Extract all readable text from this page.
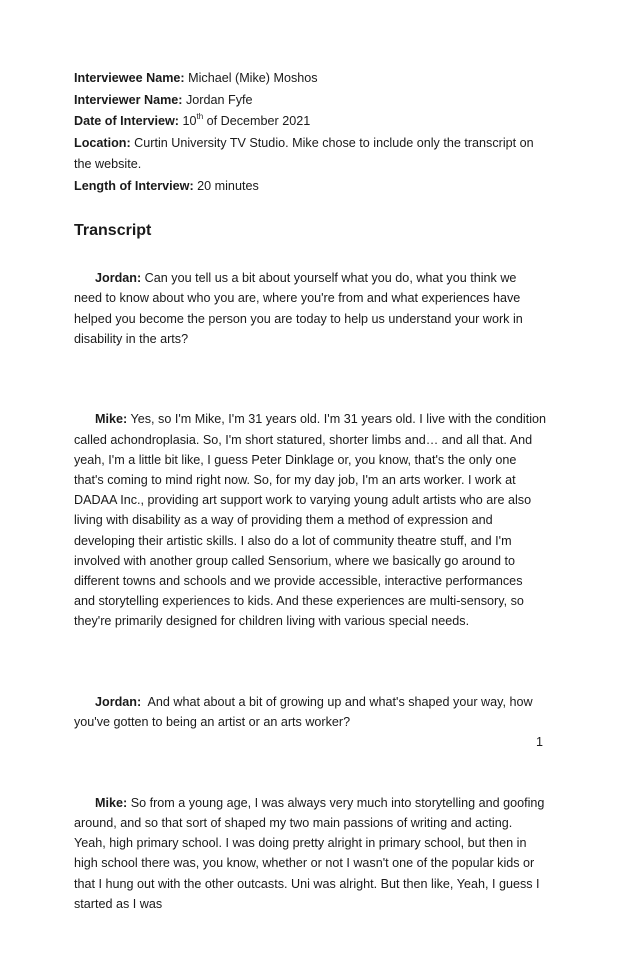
Interviewee Name: Michael (Mike) Moshos

Interviewer Name: Jordan Fyfe

Date of Interview: 10th of December 2021

Location: Curtin University TV Studio. Mike chose to include only the transcript on the website.

Length of Interview: 20 minutes

Transcript

Jordan: Can you tell us a bit about yourself what you do, what you think we need to know about who you are, where you're from and what experiences have helped you become the person you are today to help us understand your work in disability in the arts?

Mike: Yes, so I'm Mike, I'm 31 years old. I'm 31 years old. I live with the condition called achondroplasia. So, I'm short statured, shorter limbs and… and all that. And yeah, I'm a little bit like, I guess Peter Dinklage or, you know, that's the only one that's coming to mind right now. So, for my day job, I'm an arts worker. I work at DADAA Inc., providing art support work to varying young adult artists who are also living with disability as a way of providing them a method of expression and developing their artistic skills. I also do a lot of community theatre stuff, and I'm involved with another group called Sensorium, where we basically go around to different towns and schools and we provide accessible, interactive performances and storytelling experiences to kids. And these experiences are multi-sensory, so they're primarily designed for children living with various special needs.

Jordan:  And what about a bit of growing up and what's shaped your way, how you've gotten to being an artist or an arts worker?

Mike: So from a young age, I was always very much into storytelling and goofing around, and so that sort of shaped my two main passions of writing and acting. Yeah, high primary school. I was doing pretty alright in primary school, but then in high school there was, you know, whether or not I wasn't one of the popular kids or that I hung out with the other outcasts. Uni was alright. But then like, Yeah, I guess I started as I was

1
